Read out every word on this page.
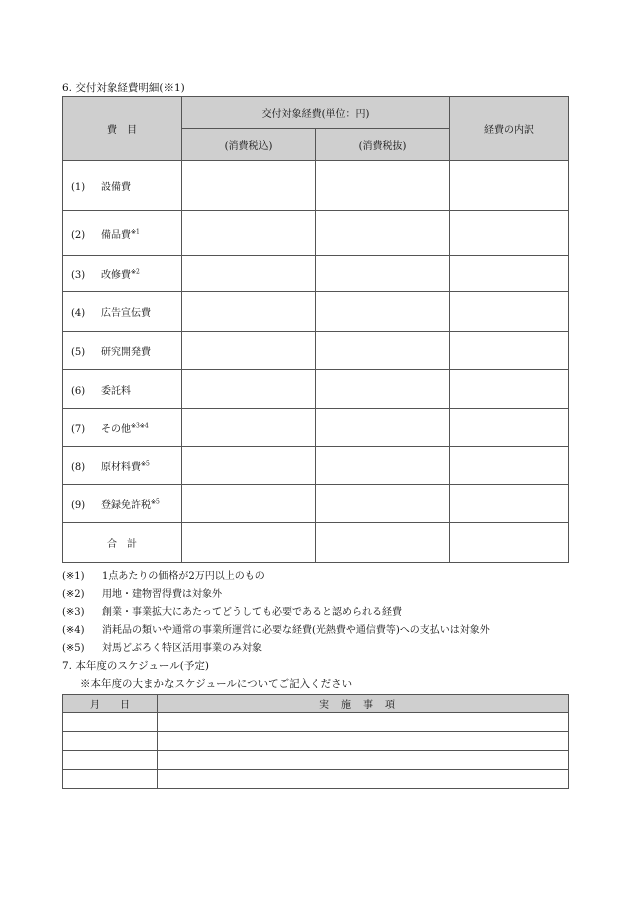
6. 交付対象経費明細(※1)
費　目	交付対象経費(単位：円)		経費の内訳
	(消費税込)	(消費税抜)	
(1) 設備費			
(2) 備品費$^{※1}$			
(3) 改修費$^{※2}$			
(4) 広告宣伝費			
(5) 研究開発費			
(6) 委託料			
(7) その他$^{※3※4}$			
(8) 原材料費$^{※5}$			
(9) 登録免許税$^{※5}$			
合　計			
(※1) 1点あたりの価格が2万円以上のもの
(※2) 用地・建物習得費は対象外
(※3) 創業・事業拡大にあたってどうしても必要であると認められる経費
(※4) 消耗品の類いや通常の事業所運営に必要な経費(光熱費や通信費等)への支払いは対象外
(※5) 対馬どぶろく特区活用事業のみ対象
7. 本年度のスケジュール(予定)
※本年度の大まかなスケジュールについてご記入ください
月　　日	実施事項
